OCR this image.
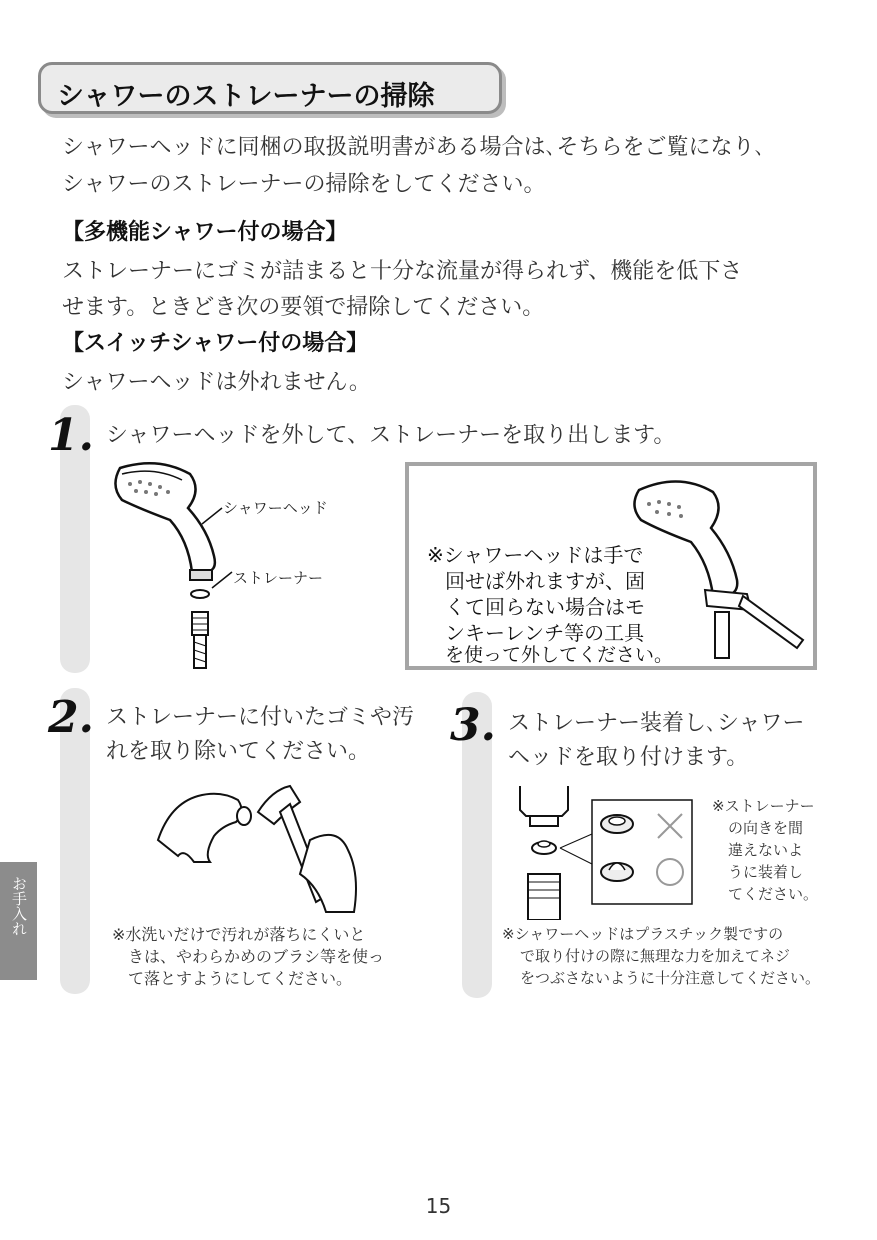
シャワーのストレーナーの掃除
シャワーヘッドに同梱の取扱説明書がある場合は､そちらをご覧になり､
シャワーのストレーナーの掃除をしてください。
【多機能シャワー付の場合】
ストレーナーにゴミが詰まると十分な流量が得られず、機能を低下さ
せます。ときどき次の要領で掃除してください。
【スイッチシャワー付の場合】
シャワーヘッドは外れません。
1. シャワーヘッドを外して、ストレーナーを取り出します。
シャワーヘッド
ストレーナー
※シャワーヘッドは手で
回せば外れますが、固
くて回らない場合はモ
ンキーレンチ等の工具
を使って外してください。
2. ストレーナーに付いたゴミや汚
れを取り除いてください。
※水洗いだけで汚れが落ちにくいと
きは、やわらかめのブラシ等を使っ
て落とすようにしてください。
3. ストレーナー装着し､シャワー
ヘッドを取り付けます。
※ストレーナー
の向きを間
違えないよ
うに装着し
てください。
※シャワーヘッドはプラスチック製ですの
で取り付けの際に無理な力を加えてネジ
をつぶさないように十分注意してください。
お手入れ
15
